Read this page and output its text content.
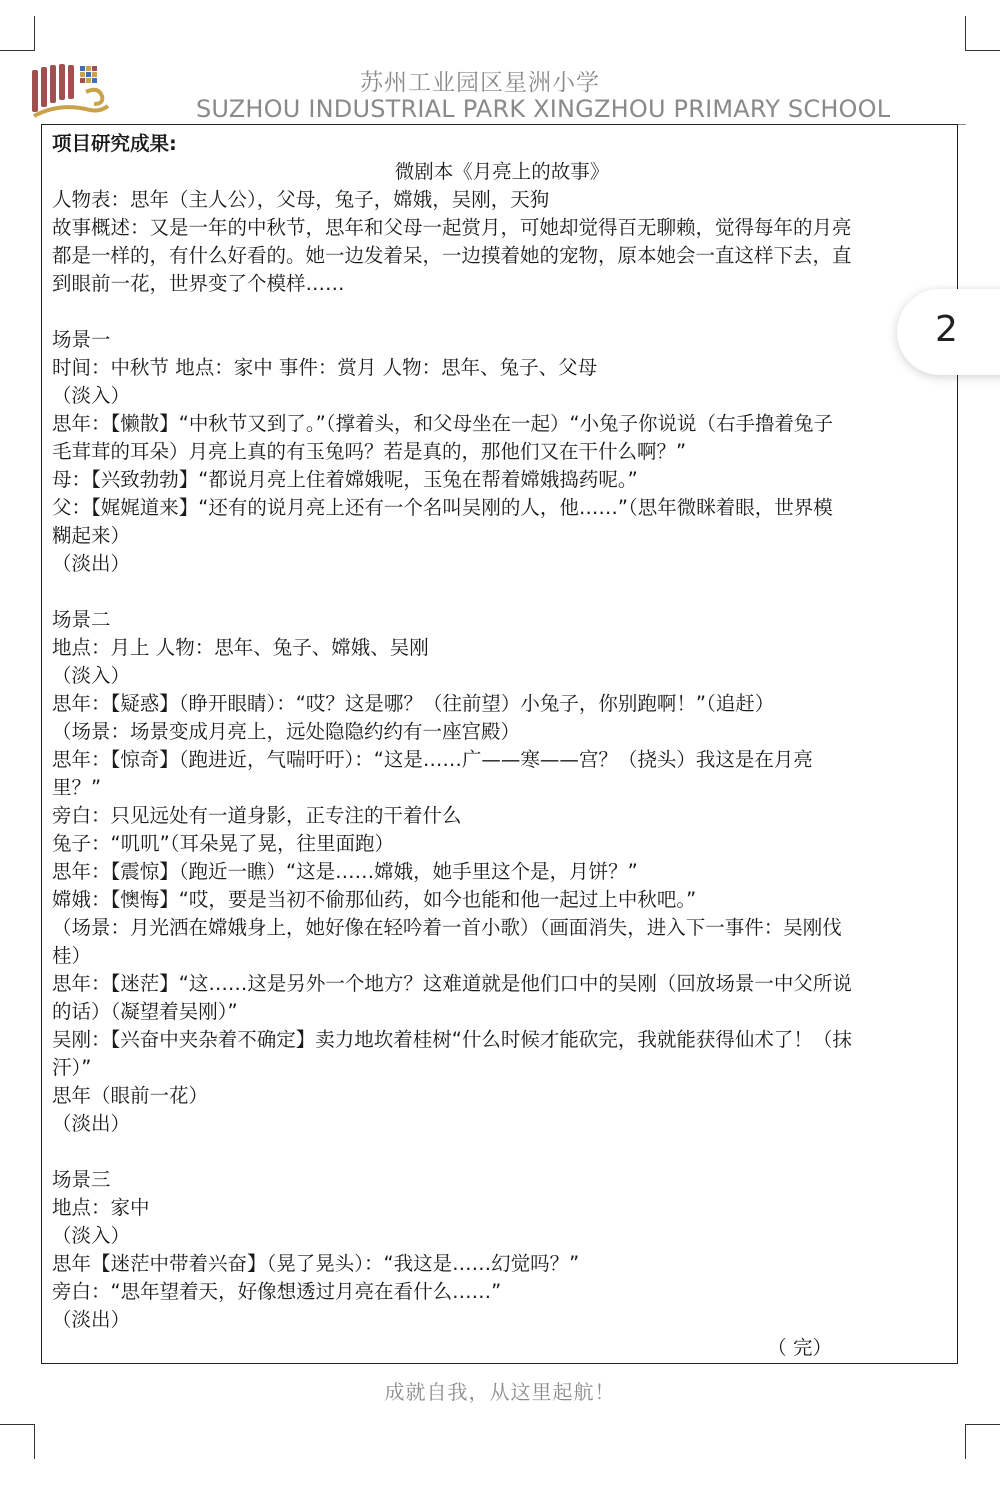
苏州工业园区星洲小学
SUZHOU INDUSTRIAL PARK XINGZHOU PRIMARY SCHOOL
项目研究成果:
微剧本《月亮上的故事》
人物表：思年（主人公），父母，兔子，嫦娥，吴刚，天狗
故事概述：又是一年的中秋节，思年和父母一起赏月，可她却觉得百无聊赖，觉得每年的月亮
都是一样的，有什么好看的。她一边发着呆，一边摸着她的宠物，原本她会一直这样下去，直
到眼前一花，世界变了个模样……
场景一
时间：中秋节 地点：家中 事件：赏月 人物：思年、兔子、父母
（淡入）
思年：【懒散】“中秋节又到了。”（撑着头，和父母坐在一起）“小兔子你说说（右手撸着兔子
毛茸茸的耳朵）月亮上真的有玉兔吗？若是真的，那他们又在干什么啊？”
母：【兴致勃勃】“都说月亮上住着嫦娥呢，玉兔在帮着嫦娥捣药呢。”
父：【娓娓道来】“还有的说月亮上还有一个名叫吴刚的人，他……”（思年微眯着眼，世界模
糊起来）
（淡出）
场景二
地点：月上 人物：思年、兔子、嫦娥、吴刚
（淡入）
思年：【疑惑】（睁开眼睛）：“哎？这是哪？（往前望）小兔子，你别跑啊！”（追赶）
（场景：场景变成月亮上，远处隐隐约约有一座宫殿）
思年：【惊奇】（跑进近，气喘吁吁）：“这是……广——寒——宫？（挠头）我这是在月亮
里？”
旁白：只见远处有一道身影，正专注的干着什么
兔子：“叽叽”（耳朵晃了晃，往里面跑）
思年：【震惊】（跑近一瞧）“这是……嫦娥，她手里这个是，月饼？”
嫦娥：【懊悔】“哎，要是当初不偷那仙药，如今也能和他一起过上中秋吧。”
（场景：月光洒在嫦娥身上，她好像在轻吟着一首小歌）（画面消失，进入下一事件：吴刚伐
桂）
思年：【迷茫】“这……这是另外一个地方？这难道就是他们口中的吴刚（回放场景一中父所说
的话）（凝望着吴刚）”
吴刚：【兴奋中夹杂着不确定】卖力地坎着桂树“什么时候才能砍完，我就能获得仙术了！（抹
汗）”
思年（眼前一花）
（淡出）
场景三
地点：家中
（淡入）
思年【迷茫中带着兴奋】（晃了晃头）：“我这是……幻觉吗？”
旁白：“思年望着天，好像想透过月亮在看什么……”
（淡出）
（ 完）
2
成就自我，从这里起航！
